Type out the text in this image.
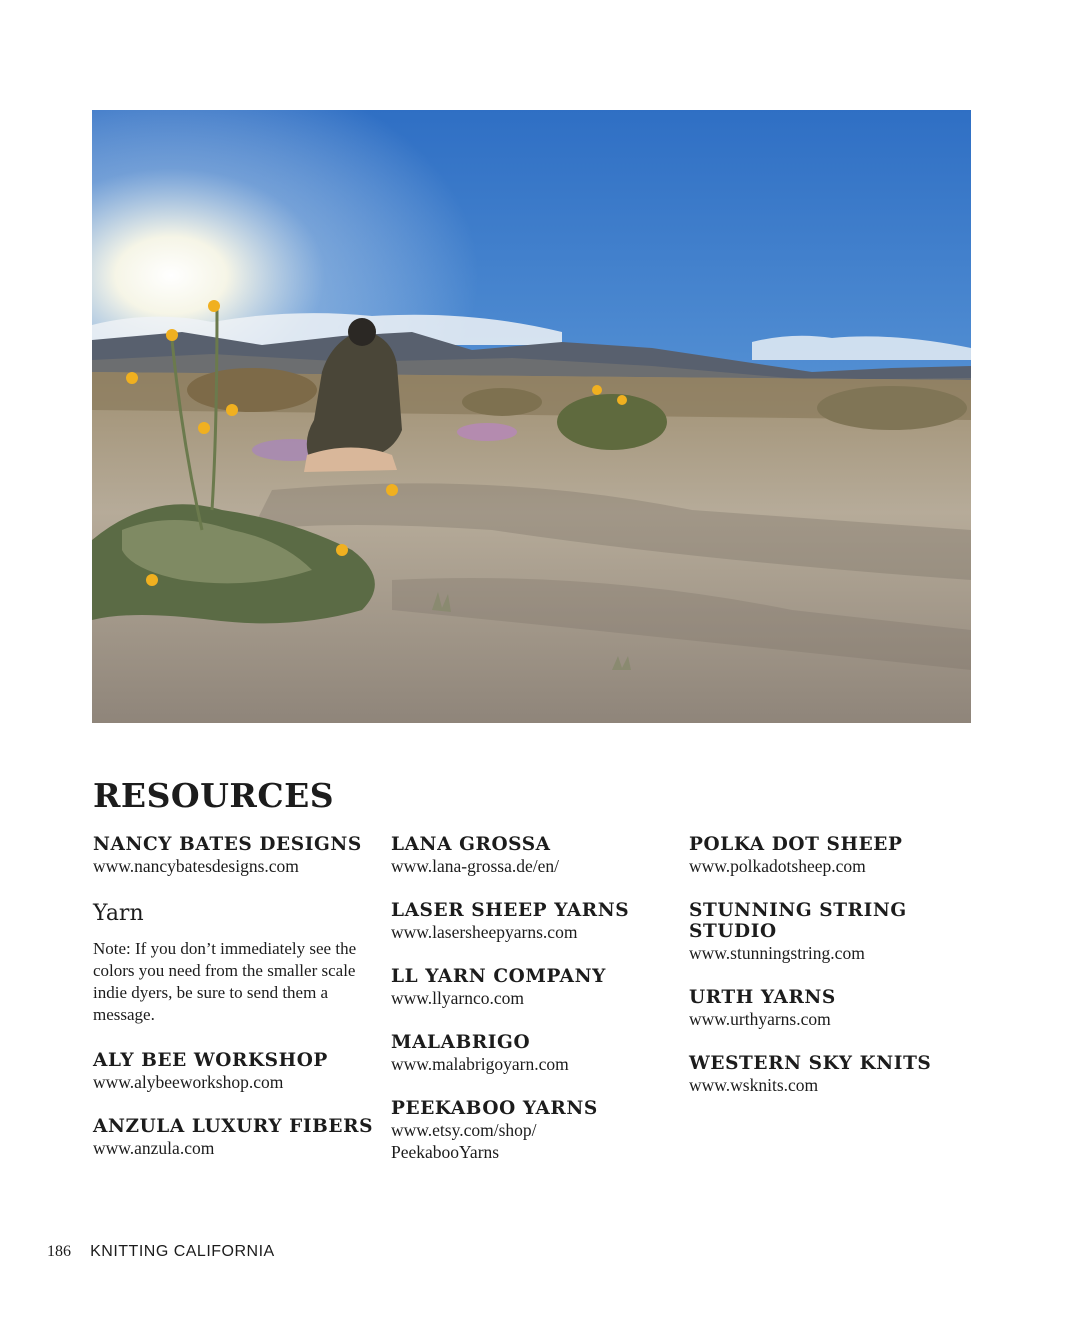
RESOURCES
NANCY BATES DESIGNS
www.nancybatesdesigns.com
Yarn

Note: If you don’t immediately see the colors you need from the smaller scale indie dyers, be sure to send them a message.

ALY BEE WORKSHOP
www.alybeeworkshop.com
ANZULA LUXURY FIBERS
www.anzula.com
LANA GROSSA
www.lana-grossa.de/en/
LASER SHEEP YARNS
www.lasersheepyarns.com
LL YARN COMPANY
www.llyarnco.com
MALABRIGO
www.malabrigoyarn.com
PEEKABOO YARNS
www.etsy.com/shop/ PeekabooYarns
POLKA DOT SHEEP
www.polkadotsheep.com
STUNNING STRING STUDIO
www.stunningstring.com
URTH YARNS
www.urthyarns.com
WESTERN SKY KNITS
www.wsknits.com
186 KNITTING CALIFORNIA
